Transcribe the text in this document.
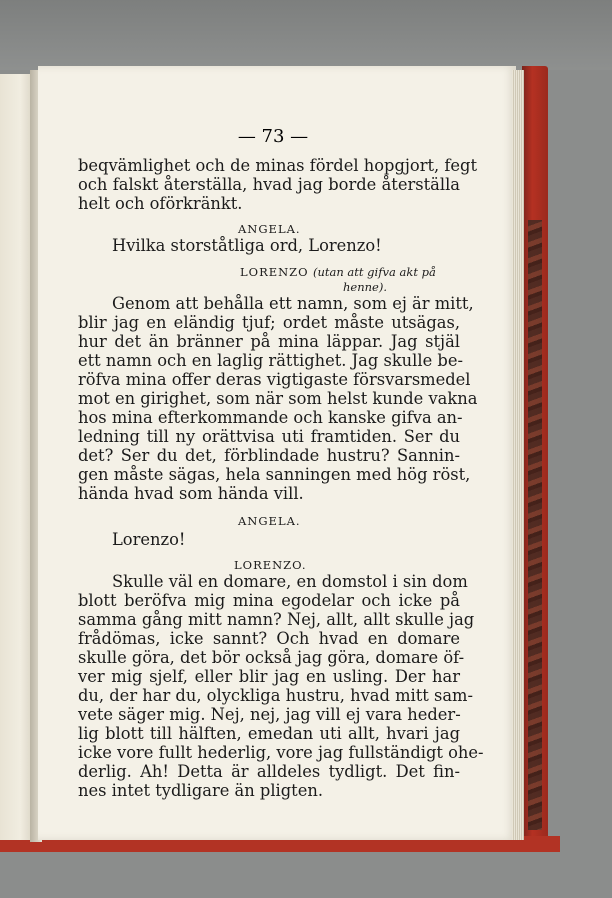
— 73 —
beqvämlighet och de minas fördel hopgjort, fegt
och falskt återställa, hvad jag borde återställa
helt och oförkränkt.
ANGELA.
Hvilka storståtliga ord, Lorenzo!
LORENZO (utan att gifva akt på
henne).
Genom att behålla ett namn, som ej är mitt,
blir jag en eländig tjuf; ordet måste utsägas,
hur det än bränner på mina läppar. Jag stjäl
ett namn och en laglig rättighet. Jag skulle be-
röfva mina offer deras vigtigaste försvarsmedel
mot en girighet, som när som helst kunde vakna
hos mina efterkommande och kanske gifva an-
ledning till ny orättvisa uti framtiden. Ser du
det? Ser du det, förblindade hustru? Sannin-
gen måste sägas, hela sanningen med hög röst,
hända hvad som hända vill.
ANGELA.
Lorenzo!
LORENZO.
Skulle väl en domare, en domstol i sin dom
blott beröfva mig mina egodelar och icke på
samma gång mitt namn? Nej, allt, allt skulle jag
frådömas, icke sannt? Och hvad en domare
skulle göra, det bör också jag göra, domare öf-
ver mig sjelf, eller blir jag en usling. Der har
du, der har du, olyckliga hustru, hvad mitt sam-
vete säger mig. Nej, nej, jag vill ej vara heder-
lig blott till hälften, emedan uti allt, hvari jag
icke vore fullt hederlig, vore jag fullständigt ohe-
derlig. Ah! Detta är alldeles tydligt. Det fin-
nes intet tydligare än pligten.
